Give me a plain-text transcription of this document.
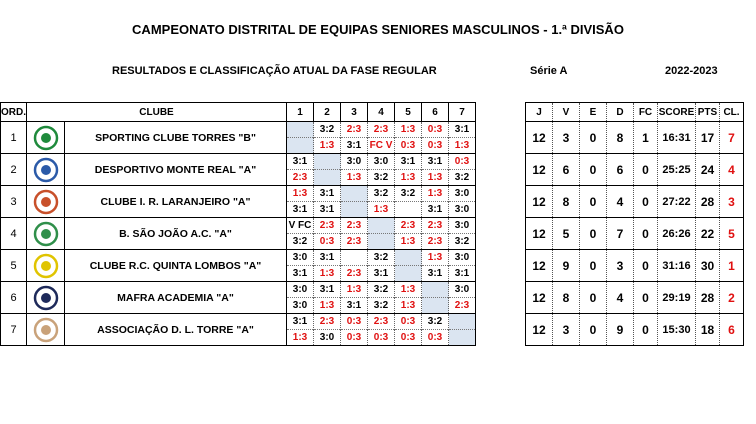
CAMPEONATO DISTRITAL DE EQUIPAS SENIORES MASCULINOS - 1.ª DIVISÃO
RESULTADOS E CLASSIFICAÇÃO ATUAL DA FASE REGULAR	Série A	2022-2023
ORD.	CLUBE		1	2	3	4	5	6	7
1		SPORTING CLUBE TORRES "B"		3:2	2:3	2:3	1:3	0:3	3:1
				1:3	3:1	FC V	0:3	0:3	1:3
2		DESPORTIVO MONTE REAL "A"	3:1		3:0	3:0	3:1	3:1	0:3
			2:3		1:3	3:2	1:3	1:3	3:2
3		CLUBE I. R. LARANJEIRO "A"	1:3	3:1		3:2	3:2	1:3	3:0
			3:1	3:1		1:3		3:1	3:0
4		B. SÃO JOÃO A.C. "A"	V FC	2:3	2:3		2:3	2:3	3:0
			3:2	0:3	2:3		1:3	2:3	3:2
5		CLUBE R.C. QUINTA LOMBOS "A"	3:0	3:1		3:2		1:3	3:0
			3:1	1:3	2:3	3:1		3:1	3:1
6		MAFRA ACADEMIA "A"	3:0	3:1	1:3	3:2	1:3		3:0
			3:0	1:3	3:1	3:2	1:3		2:3
7		ASSOCIAÇÃO D. L. TORRE "A"	3:1	2:3	0:3	2:3	0:3	3:2	
			1:3	3:0	0:3	0:3	0:3	0:3	
J	V	E	D	FC	SCORE	PTS	CL.
12	3	0	8	1	16:31	17	7
12	6	0	6	0	25:25	24	4
12	8	0	4	0	27:22	28	3
12	5	0	7	0	26:26	22	5
12	9	0	3	0	31:16	30	1
12	8	0	4	0	29:19	28	2
12	3	0	9	0	15:30	18	6
